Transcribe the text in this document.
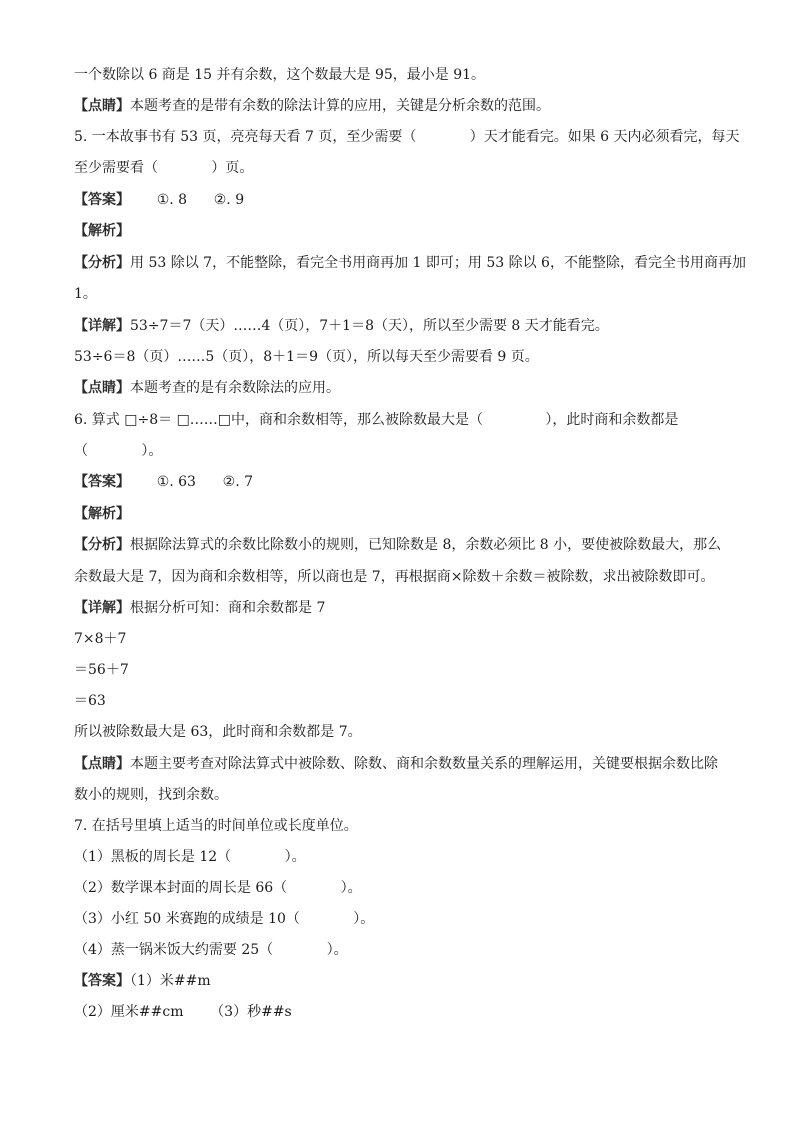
一个数除以 6 商是 15 并有余数，这个数最大是 95，最小是 91。
【点睛】本题考查的是带有余数的除法计算的应用，关键是分析余数的范围。
5. 一本故事书有 53 页，亮亮每天看 7 页，至少需要（            ）天才能看完。如果 6 天内必须看完，每天
至少需要看（            ）页。
【答案】      ①. 8      ②. 9
【解析】
【分析】用 53 除以 7，不能整除，看完全书用商再加 1 即可；用 53 除以 6，不能整除，看完全书用商再加
1。
【详解】53÷7＝7（天）……4（页），7＋1＝8（天），所以至少需要 8 天才能看完。
53÷6＝8（页）……5（页），8＋1＝9（页），所以每天至少需要看 9 页。
【点睛】本题考查的是有余数除法的应用。
6. 算式 □÷8＝ □……□中，商和余数相等，那么被除数最大是（              ），此时商和余数都是
（            ）。
【答案】      ①. 63      ②. 7
【解析】
【分析】根据除法算式的余数比除数小的规则，已知除数是 8，余数必须比 8 小，要使被除数最大，那么
余数最大是 7，因为商和余数相等，所以商也是 7，再根据商×除数＋余数＝被除数，求出被除数即可。
【详解】根据分析可知：商和余数都是 7
7×8＋7
＝56＋7
＝63
所以被除数最大是 63，此时商和余数都是 7。
【点睛】本题主要考查对除法算式中被除数、除数、商和余数数量关系的理解运用，关键要根据余数比除
数小的规则，找到余数。
7. 在括号里填上适当的时间单位或长度单位。
（1）黑板的周长是 12（            ）。
（2）数学课本封面的周长是 66（            ）。
（3）小红 50 米赛跑的成绩是 10（            ）。
（4）蒸一锅米饭大约需要 25（            ）。
【答案】（1）米##m
（2）厘米##cm      （3）秒##s
